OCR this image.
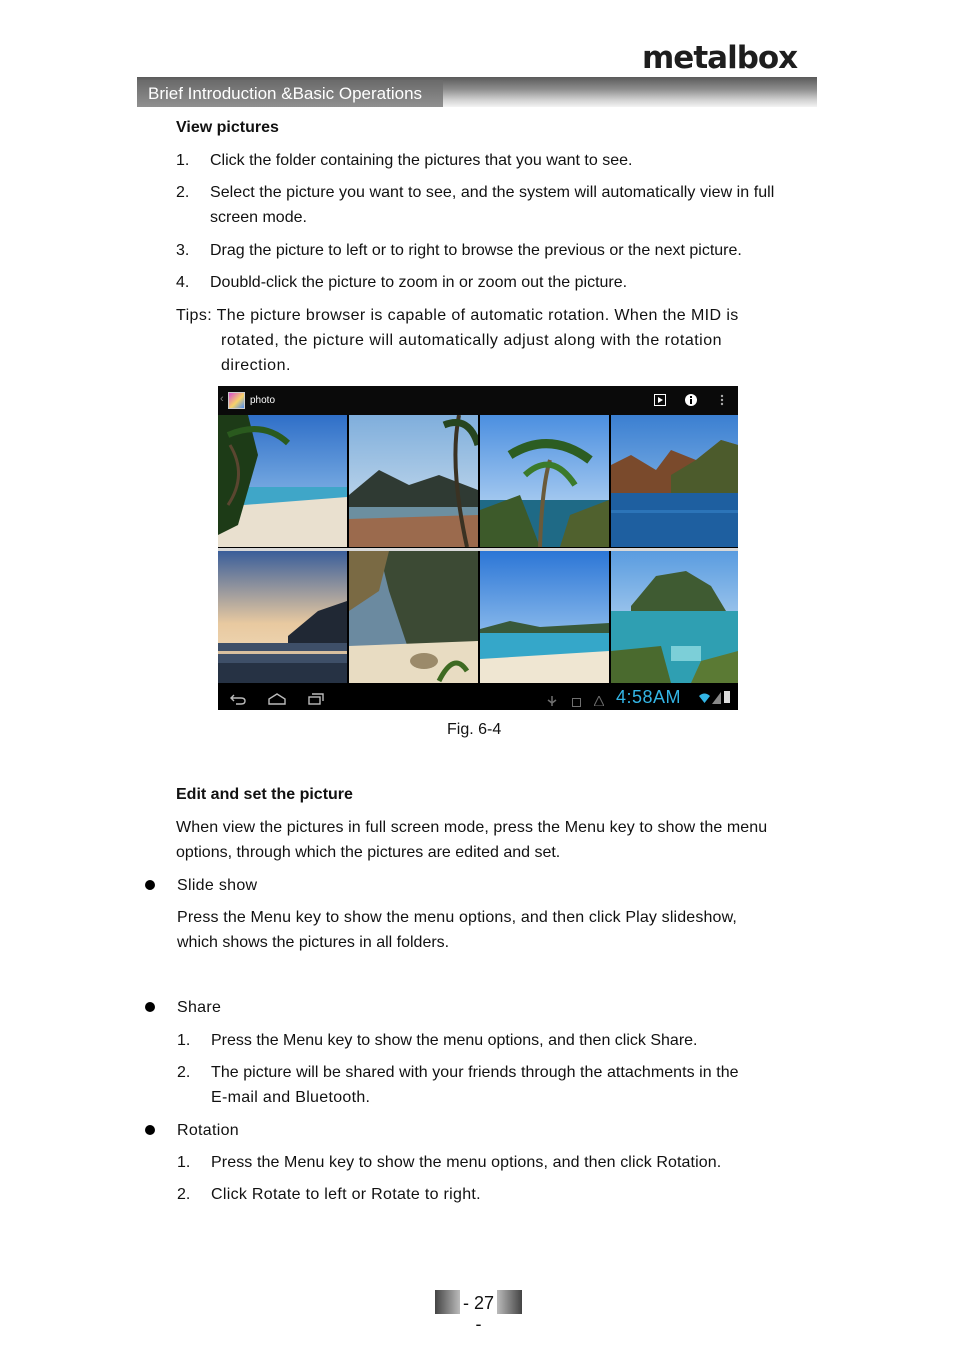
metalbox
Brief Introduction &Basic Operations
View pictures
1. Click the folder containing the pictures that you want to see.
2. Select the picture you want to see, and the system will automatically view in full
screen mode.
3. Drag the picture to left or to right to browse the previous or the next picture.
4. Doubld-click the picture to zoom in or zoom out the picture.
Tips: The picture browser is capable of automatic rotation. When the MID is
rotated, the picture will automatically adjust along with the rotation
direction.
‹	photo
4:58AM
Fig. 6-4
Edit and set the picture
When view the pictures in full screen mode, press the Menu key to show the menu
options, through which the pictures are edited and set.
Slide show
Press the Menu key to show the menu options, and then click Play slideshow,
which shows the pictures in all folders.
Share
1. Press the Menu key to show the menu options, and then click Share.
2. The picture will be shared with your friends through the attachments in the
E-mail and Bluetooth.
Rotation
1. Press the Menu key to show the menu options, and then click Rotation.
2. Click Rotate to left or Rotate to right.
- 27 -
